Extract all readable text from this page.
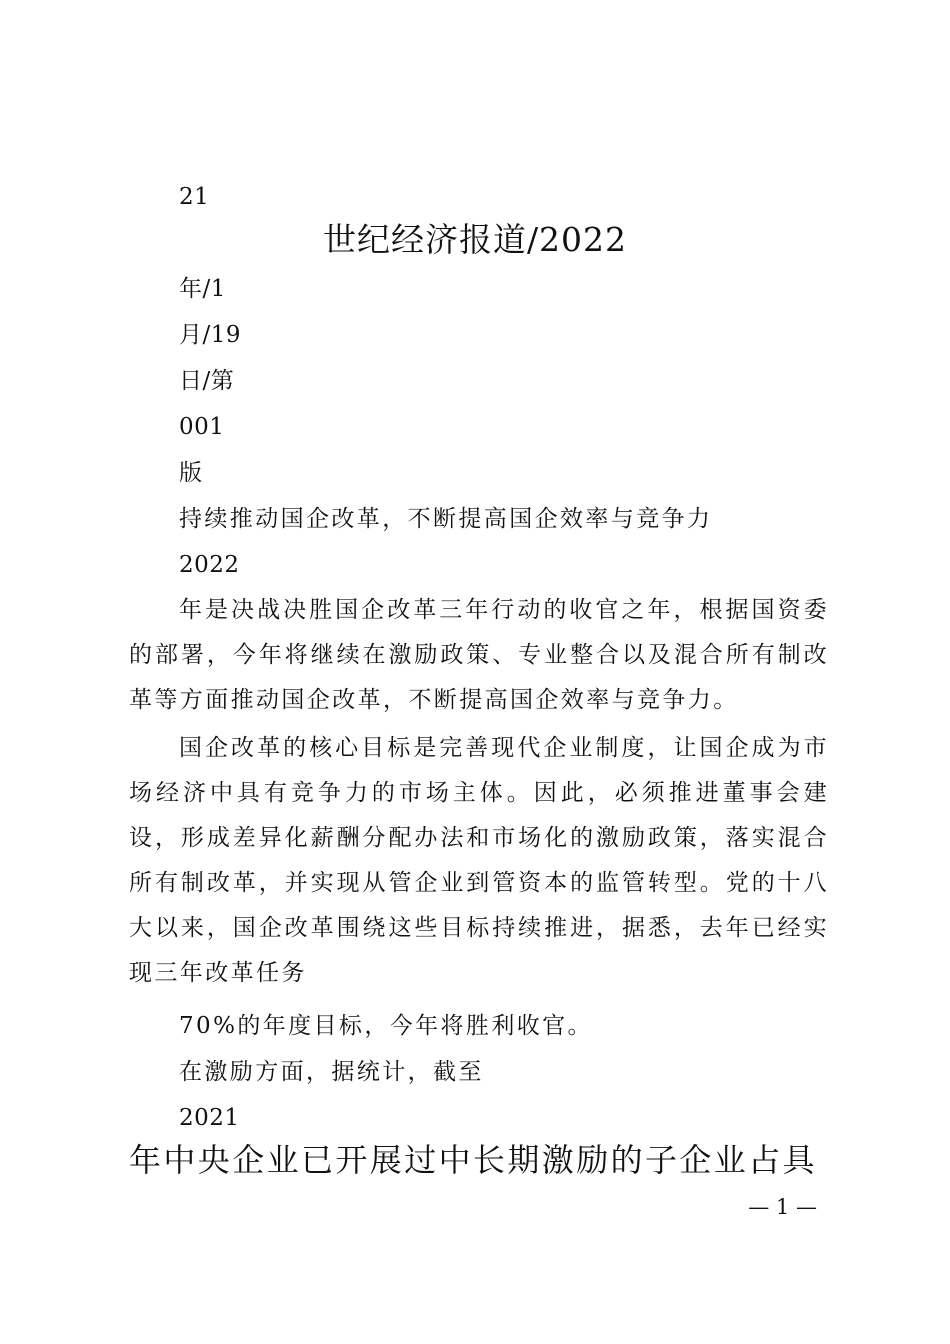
21
世纪经济报道/2022
年/1
月/19
日/第
001
版
持续推动国企改革，不断提高国企效率与竞争力
2022
年是决战决胜国企改革三年行动的收官之年，根据国资委的部署，今年将继续在激励政策、专业整合以及混合所有制改革等方面推动国企改革，不断提高国企效率与竞争力。
国企改革的核心目标是完善现代企业制度，让国企成为市场经济中具有竞争力的市场主体。因此，必须推进董事会建设，形成差异化薪酬分配办法和市场化的激励政策，落实混合所有制改革，并实现从管企业到管资本的监管转型。党的十八大以来，国企改革围绕这些目标持续推进，据悉，去年已经实现三年改革任务
70%的年度目标，今年将胜利收官。
在激励方面，据统计，截至
2021
年中央企业已开展过中长期激励的子企业占具
— 1 —
